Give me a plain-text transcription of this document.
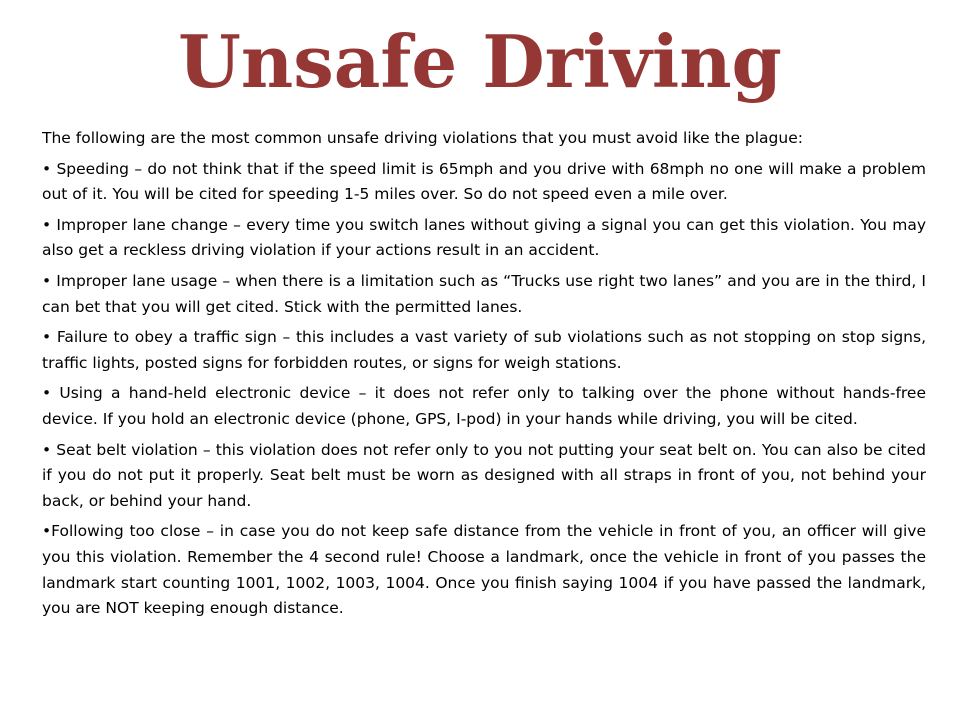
Unsafe Driving

The following are the most common unsafe driving violations that you must avoid like the plague:

• Speeding – do not think that if the speed limit is 65mph and you drive with 68mph no one will make a problem out of it. You will be cited for speeding 1-5 miles over. So do not speed even a mile over.

• Improper lane change – every time you switch lanes without giving a signal you can get this violation. You may also get a reckless driving violation if your actions result in an accident.

• Improper lane usage – when there is a limitation such as “Trucks use right two lanes” and you are in the third, I can bet that you will get cited. Stick with the permitted lanes.

• Failure to obey a traffic sign – this includes a vast variety of sub violations such as not stopping on stop signs, traffic lights, posted signs for forbidden routes, or signs for weigh stations.

• Using a hand-held electronic device – it does not refer only to talking over the phone without hands-free device. If you hold an electronic device (phone, GPS, I-pod) in your hands while driving, you will be cited.

• Seat belt violation – this violation does not refer only to you not putting your seat belt on. You can also be cited if you do not put it properly. Seat belt must be worn as designed with all straps in front of you, not behind your back, or behind your hand.

•Following too close – in case you do not keep safe distance from the vehicle in front of you, an officer will give you this violation. Remember the 4 second rule! Choose a landmark, once the vehicle in front of you passes the landmark start counting 1001, 1002, 1003, 1004. Once you finish saying 1004 if you have passed the landmark, you are NOT keeping enough distance.
